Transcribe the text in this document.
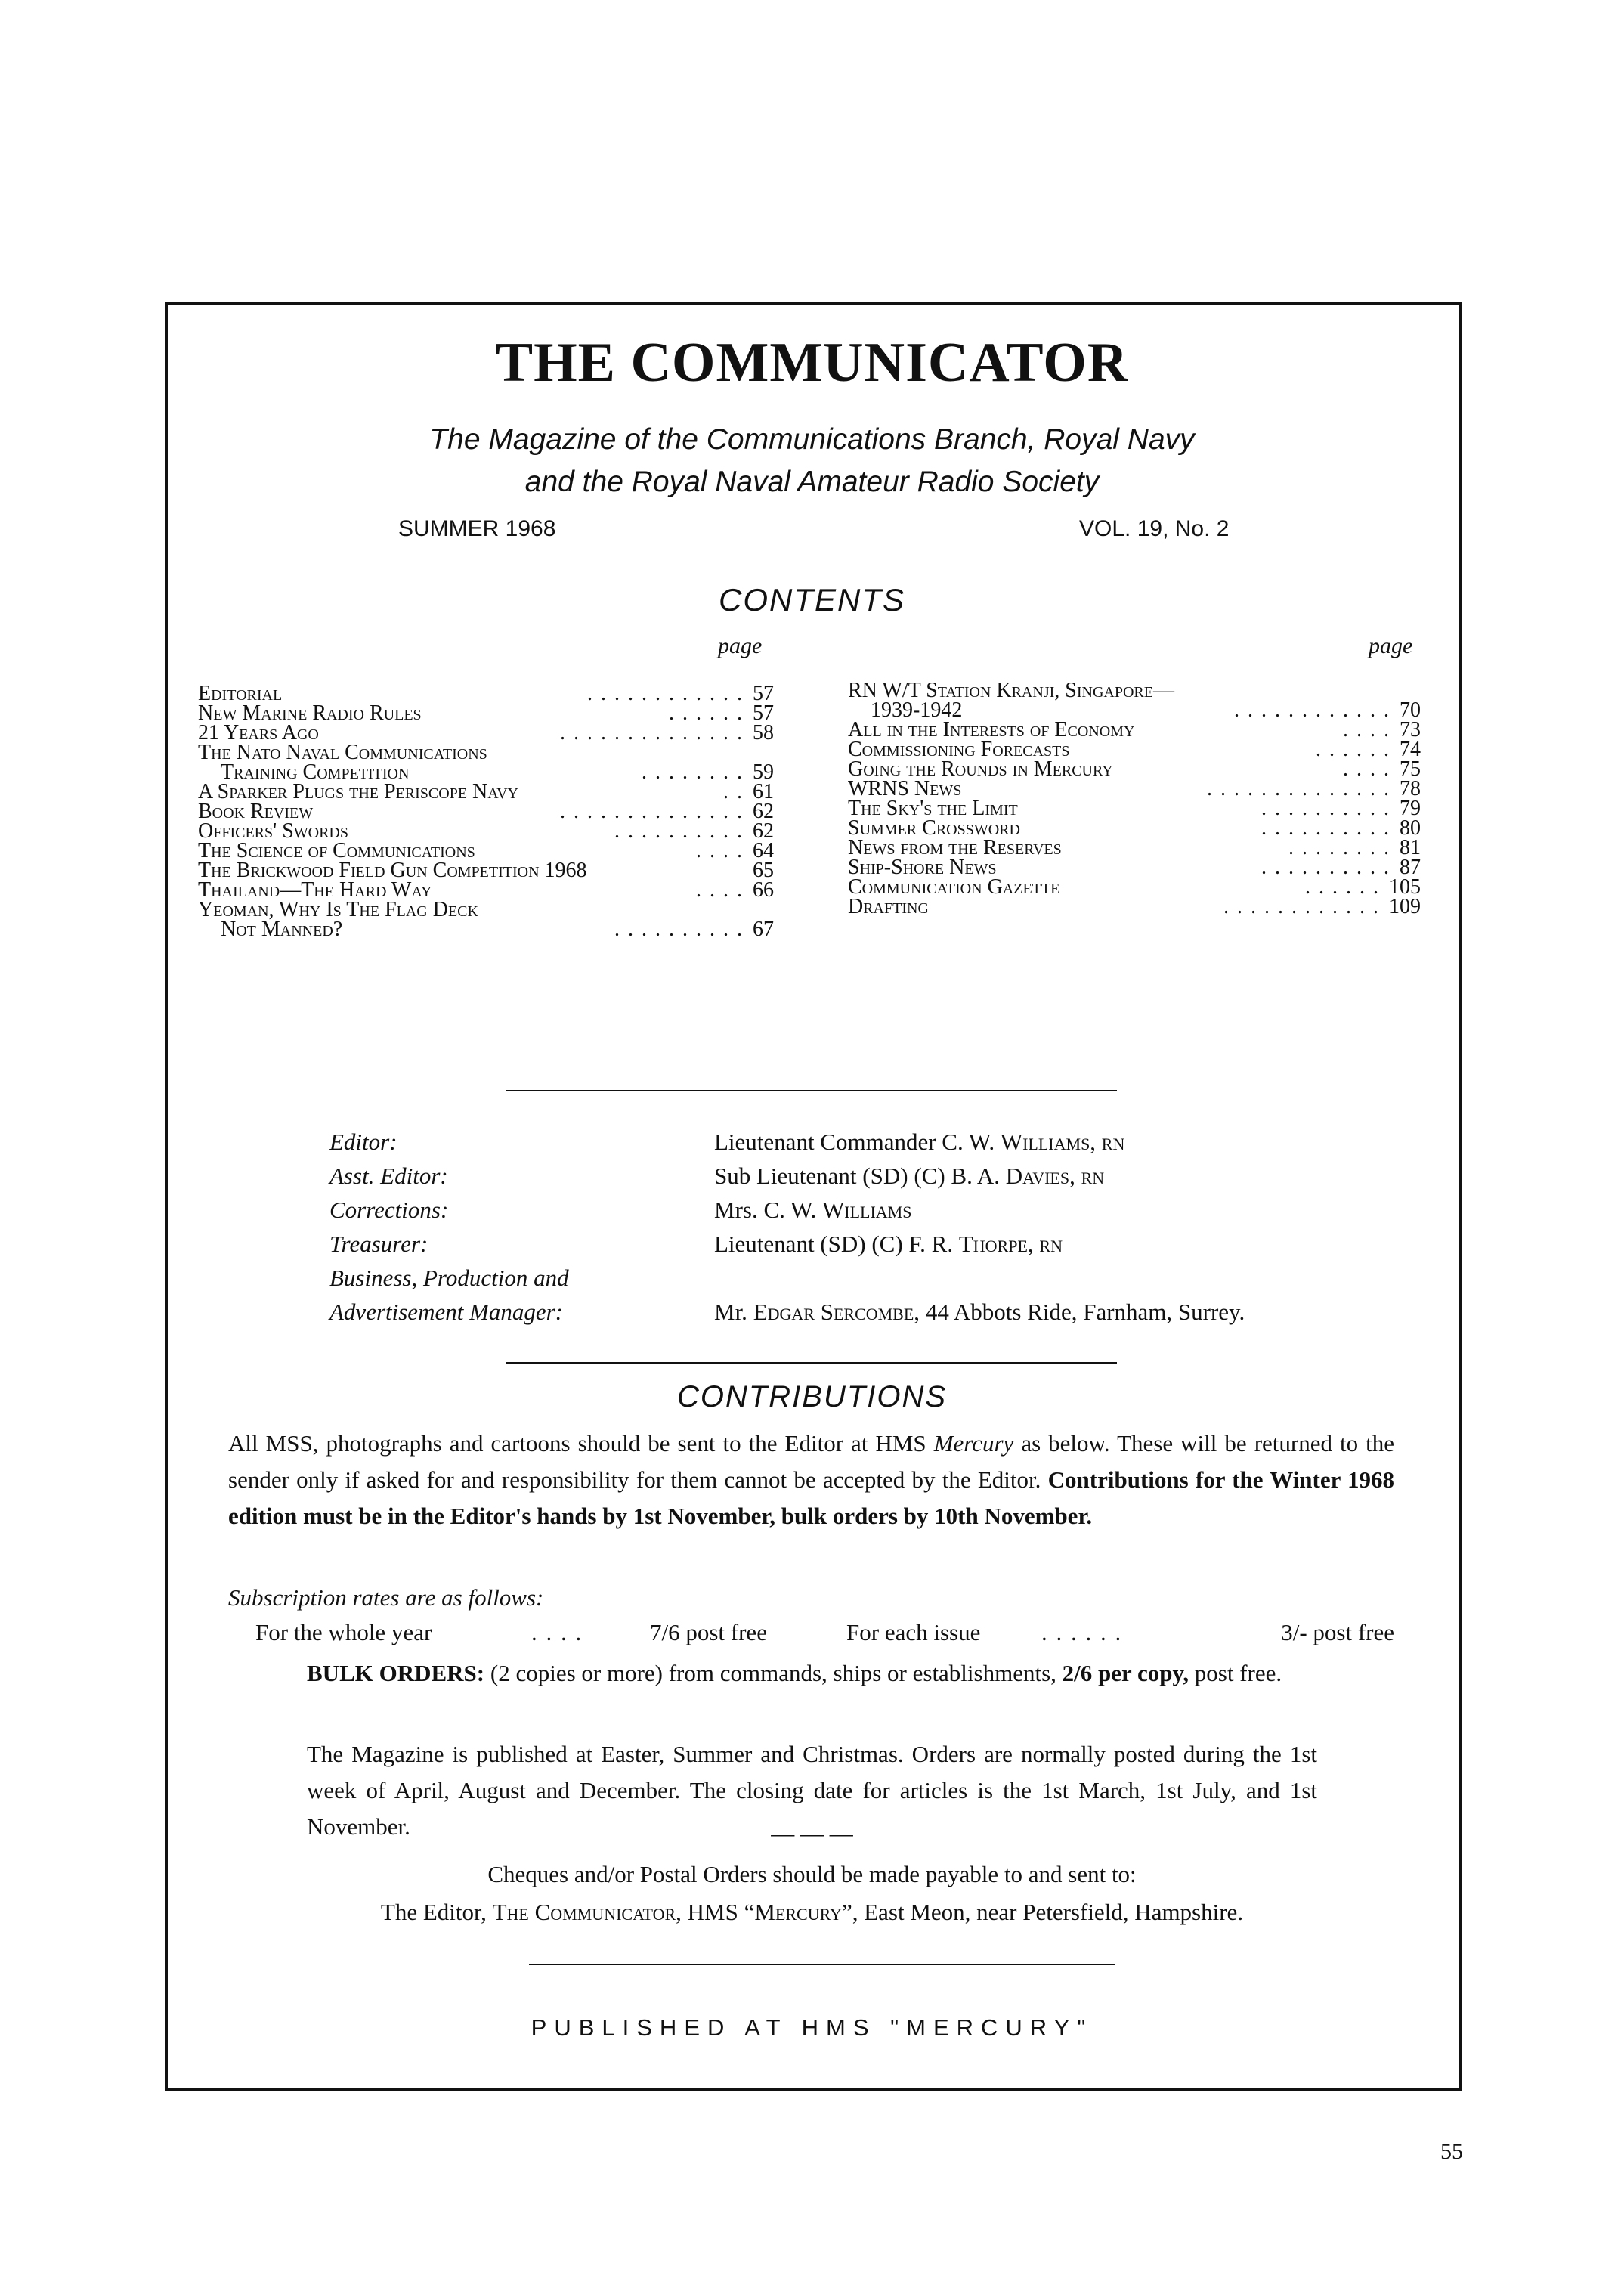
THE COMMUNICATOR
The Magazine of the Communications Branch, Royal Navy
and the Royal Naval Amateur Radio Society
SUMMER 1968	VOL. 19, No. 2
CONTENTS
page	page
Editorial	. . . . . . . . . . . . 57
New Marine Radio Rules	. . . . . . 57
21 Years Ago	. . . . . . . . . . . . . . 58
The Nato Naval Communications
Training Competition	. . . . . . . . 59
A Sparker Plugs the Periscope Navy	. . 61
Book Review	. . . . . . . . . . . . . . 62
Officers' Swords	. . . . . . . . . . 62
The Science of Communications	. . . . 64
The Brickwood Field Gun Competition 1968	65
Thailand—The Hard Way	. . . . 66
Yeoman, Why Is The Flag Deck
Not Manned?	. . . . . . . . . . 67
RN W/T Station Kranji, Singapore—
1939-1942	. . . . . . . . . . . . 70
All in the Interests of Economy	. . . . 73
Commissioning Forecasts	. . . . . . 74
Going the Rounds in Mercury	. . . . 75
WRNS News	. . . . . . . . . . . . . . 78
The Sky's the Limit	. . . . . . . . . . 79
Summer Crossword	. . . . . . . . . . 80
News from the Reserves	. . . . . . . . 81
Ship-Shore News	. . . . . . . . . . 87
Communication Gazette	. . . . . . 105
Drafting	. . . . . . . . . . . . 109
Editor:	Lieutenant Commander C. W. Williams, rn
Asst. Editor:	Sub Lieutenant (SD) (C) B. A. Davies, rn
Corrections:	Mrs. C. W. Williams
Treasurer:	Lieutenant (SD) (C) F. R. Thorpe, rn
Business, Production and
Advertisement Manager:	Mr. Edgar Sercombe, 44 Abbots Ride, Farnham, Surrey.
CONTRIBUTIONS
All MSS, photographs and cartoons should be sent to the Editor at HMS Mercury as below. These will be returned to the sender only if asked for and responsibility for them cannot be accepted by the Editor. Contributions for the Winter 1968 edition must be in the Editor's hands by 1st November, bulk orders by 10th November.
Subscription rates are as follows:
For the whole year	. . . .	7/6 post free	For each issue	. . . . . .	3/- post free
BULK ORDERS: (2 copies or more) from commands, ships or establishments, 2/6 per copy, post free.
The Magazine is published at Easter, Summer and Christmas. Orders are normally posted during the 1st week of April, August and December. The closing date for articles is the 1st March, 1st July, and 1st November.	— — —
Cheques and/or Postal Orders should be made payable to and sent to:
The Editor, The Communicator, HMS “Mercury”, East Meon, near Petersfield, Hampshire.
PUBLISHED AT HMS "MERCURY"
55
